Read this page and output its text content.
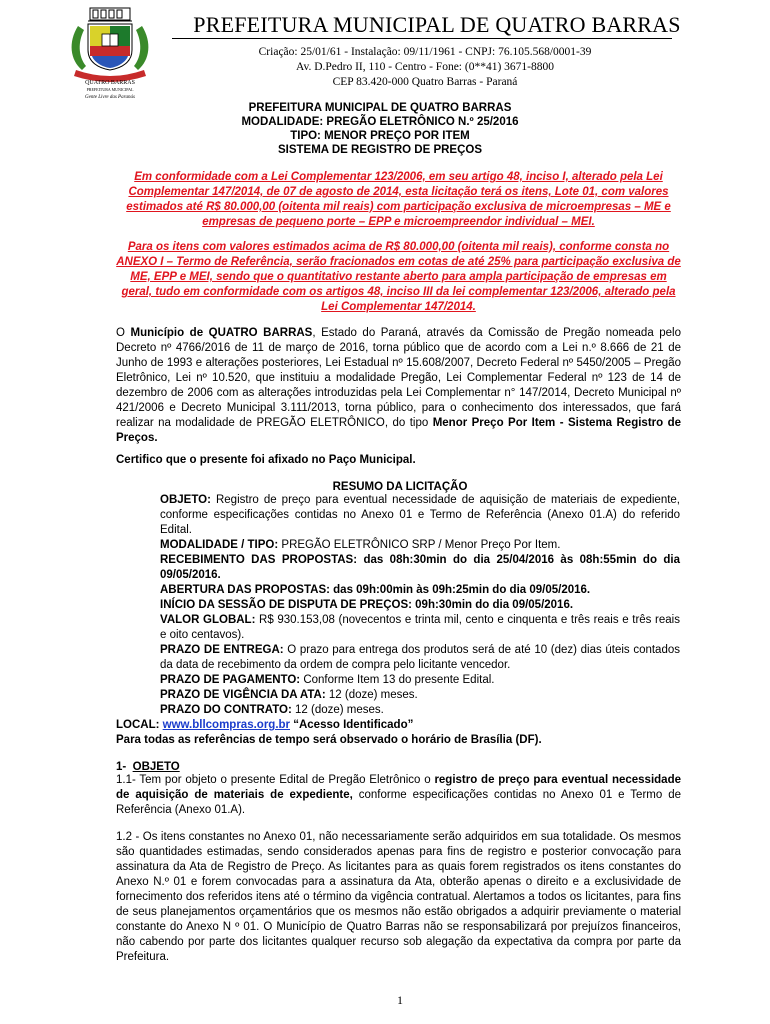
QUATRO BARRAS
PREFEITURA MUNICIPAL
Gente Livre das Paranás
PREFEITURA MUNICIPAL DE QUATRO BARRAS
Criação: 25/01/61 - Instalação: 09/11/1961 - CNPJ: 76.105.568/0001-39
Av. D.Pedro II, 110 - Centro - Fone: (0**41) 3671-8800
CEP 83.420-000 Quatro Barras - Paraná
PREFEITURA MUNICIPAL DE QUATRO BARRAS
MODALIDADE: PREGÃO ELETRÔNICO N.º 25/2016
TIPO: MENOR PREÇO POR ITEM
SISTEMA DE REGISTRO DE PREÇOS
Em conformidade com a Lei Complementar 123/2006, em seu artigo 48, inciso I, alterado pela Lei Complementar 147/2014, de 07 de agosto de 2014, esta licitação terá os itens, Lote 01, com valores estimados até R$ 80.000,00 (oitenta mil reais) com participação exclusiva de microempresas – ME e empresas de pequeno porte – EPP e microempreendor individual – MEI.
Para os itens com valores estimados acima de R$ 80.000,00 (oitenta mil reais), conforme consta no ANEXO I – Termo de Referência, serão fracionados em cotas de até 25% para participação exclusiva de ME, EPP e MEI, sendo que o quantitativo restante aberto para ampla participação de empresas em geral, tudo em conformidade com os artigos 48, inciso III da lei complementar 123/2006, alterado pela Lei Complementar 147/2014.
O Município de QUATRO BARRAS, Estado do Paraná, através da Comissão de Pregão nomeada pelo Decreto nº 4766/2016 de 11 de março de 2016, torna público que de acordo com a Lei n.º 8.666 de 21 de Junho de 1993 e alterações posteriores, Lei Estadual nº 15.608/2007, Decreto Federal nº 5450/2005 – Pregão Eletrônico, Lei nº 10.520, que instituiu a modalidade Pregão, Lei Complementar Federal nº 123 de 14 de dezembro de 2006 com as alterações introduzidas pela Lei Complementar n° 147/2014, Decreto Municipal nº 421/2006 e Decreto Municipal 3.111/2013, torna público, para o conhecimento dos interessados, que fará realizar na modalidade de PREGÃO ELETRÔNICO, do tipo Menor Preço Por Item - Sistema Registro de Preços.
Certifico que o presente foi afixado no Paço Municipal.
RESUMO DA LICITAÇÃO
OBJETO: Registro de preço para eventual necessidade de aquisição de materiais de expediente, conforme especificações contidas no Anexo 01 e Termo de Referência (Anexo 01.A) do referido Edital.
MODALIDADE / TIPO: PREGÃO ELETRÔNICO SRP / Menor Preço Por Item.
RECEBIMENTO DAS PROPOSTAS: das 08h:30min do dia 25/04/2016 às 08h:55min do dia 09/05/2016.
ABERTURA DAS PROPOSTAS: das 09h:00min às 09h:25min do dia 09/05/2016.
INÍCIO DA SESSÃO DE DISPUTA DE PREÇOS: 09h:30min do dia 09/05/2016.
VALOR GLOBAL: R$ 930.153,08 (novecentos e trinta mil, cento e cinquenta e três reais e três reais e oito centavos).
PRAZO DE ENTREGA: O prazo para entrega dos produtos será de até 10 (dez) dias úteis contados da data de recebimento da ordem de compra pelo licitante vencedor.
PRAZO DE PAGAMENTO: Conforme Item 13 do presente Edital.
PRAZO DE VIGÊNCIA DA ATA: 12 (doze) meses.
PRAZO DO CONTRATO: 12 (doze) meses.
LOCAL: www.bllcompras.org.br “Acesso Identificado”
Para todas as referências de tempo será observado o horário de Brasília (DF).
1- OBJETO
1.1- Tem por objeto o presente Edital de Pregão Eletrônico o registro de preço para eventual necessidade de aquisição de materiais de expediente, conforme especificações contidas no Anexo 01 e Termo de Referência (Anexo 01.A).
1.2 - Os itens constantes no Anexo 01, não necessariamente serão adquiridos em sua totalidade. Os mesmos são quantidades estimadas, sendo considerados apenas para fins de registro e posterior convocação para assinatura da Ata de Registro de Preço. As licitantes para as quais forem registrados os itens constantes do Anexo N.º 01 e forem convocadas para a assinatura da Ata, obterão apenas o direito e a exclusividade de fornecimento dos referidos itens até o término da vigência contratual. Alertamos a todos os licitantes, para fins de seus planejamentos orçamentários que os mesmos não estão obrigados a adquirir previamente o material constante do Anexo N º 01. O Município de Quatro Barras não se responsabilizará por prejuízos financeiros, não cabendo por parte dos licitantes qualquer recurso sob alegação da expectativa da compra por parte da Prefeitura.
1
